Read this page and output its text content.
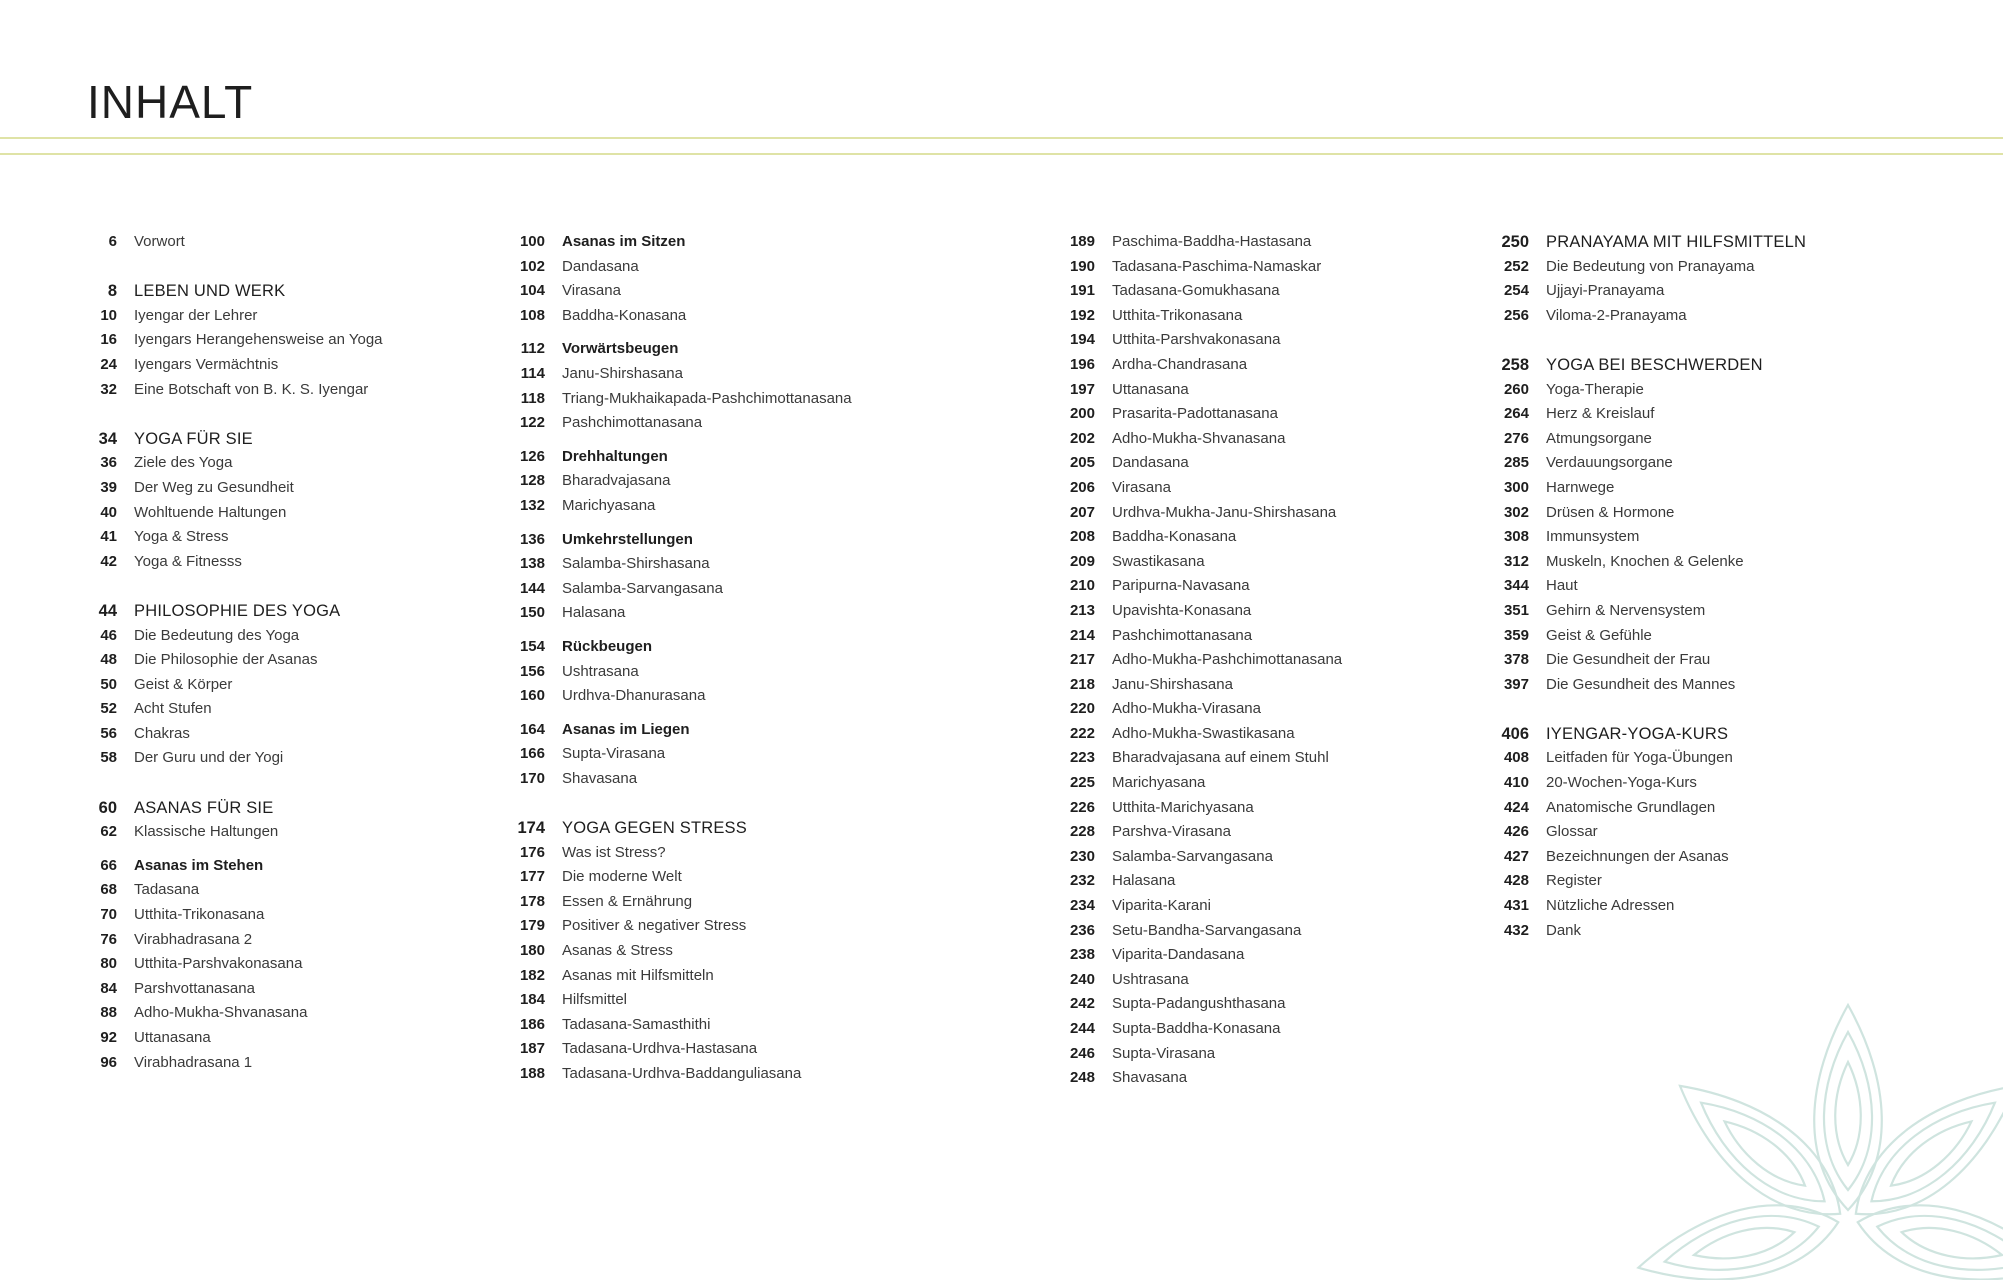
INHALT
6 Vorwort
8 LEBEN UND WERK
10 Iyengar der Lehrer
16 Iyengars Herangehensweise an Yoga
24 Iyengars Vermächtnis
32 Eine Botschaft von B. K. S. Iyengar
34 YOGA FÜR SIE
36 Ziele des Yoga
39 Der Weg zu Gesundheit
40 Wohltuende Haltungen
41 Yoga & Stress
42 Yoga & Fitnesss
44 PHILOSOPHIE DES YOGA
46 Die Bedeutung des Yoga
48 Die Philosophie der Asanas
50 Geist & Körper
52 Acht Stufen
56 Chakras
58 Der Guru und der Yogi
60 ASANAS FÜR SIE
62 Klassische Haltungen
66 Asanas im Stehen
68 Tadasana
70 Utthita-Trikonasana
76 Virabhadrasana 2
80 Utthita-Parshvakonasana
84 Parshvottanasana
88 Adho-Mukha-Shvanasana
92 Uttanasana
96 Virabhadrasana 1
100 Asanas im Sitzen
102 Dandasana
104 Virasana
108 Baddha-Konasana
112 Vorwärtsbeugen
114 Janu-Shirshasana
118 Triang-Mukhaikapada-Pashchimottanasana
122 Pashchimottanasana
126 Drehhaltungen
128 Bharadvajasana
132 Marichyasana
136 Umkehrstellungen
138 Salamba-Shirshasana
144 Salamba-Sarvangasana
150 Halasana
154 Rückbeugen
156 Ushtrasana
160 Urdhva-Dhanurasana
164 Asanas im Liegen
166 Supta-Virasana
170 Shavasana
174 YOGA GEGEN STRESS
176 Was ist Stress?
177 Die moderne Welt
178 Essen & Ernährung
179 Positiver & negativer Stress
180 Asanas & Stress
182 Asanas mit Hilfsmitteln
184 Hilfsmittel
186 Tadasana-Samasthithi
187 Tadasana-Urdhva-Hastasana
188 Tadasana-Urdhva-Baddanguliasana
189 Paschima-Baddha-Hastasana
190 Tadasana-Paschima-Namaskar
191 Tadasana-Gomukhasana
192 Utthita-Trikonasana
194 Utthita-Parshvakonasana
196 Ardha-Chandrasana
197 Uttanasana
200 Prasarita-Padottanasana
202 Adho-Mukha-Shvanasana
205 Dandasana
206 Virasana
207 Urdhva-Mukha-Janu-Shirshasana
208 Baddha-Konasana
209 Swastikasana
210 Paripurna-Navasana
213 Upavishta-Konasana
214 Pashchimottanasana
217 Adho-Mukha-Pashchimottanasana
218 Janu-Shirshasana
220 Adho-Mukha-Virasana
222 Adho-Mukha-Swastikasana
223 Bharadvajasana auf einem Stuhl
225 Marichyasana
226 Utthita-Marichyasana
228 Parshva-Virasana
230 Salamba-Sarvangasana
232 Halasana
234 Viparita-Karani
236 Setu-Bandha-Sarvangasana
238 Viparita-Dandasana
240 Ushtrasana
242 Supta-Padangushthasana
244 Supta-Baddha-Konasana
246 Supta-Virasana
248 Shavasana
250 PRANAYAMA MIT HILFSMITTELN
252 Die Bedeutung von Pranayama
254 Ujjayi-Pranayama
256 Viloma-2-Pranayama
258 YOGA BEI BESCHWERDEN
260 Yoga-Therapie
264 Herz & Kreislauf
276 Atmungsorgane
285 Verdauungsorgane
300 Harnwege
302 Drüsen & Hormone
308 Immunsystem
312 Muskeln, Knochen & Gelenke
344 Haut
351 Gehirn & Nervensystem
359 Geist & Gefühle
378 Die Gesundheit der Frau
397 Die Gesundheit des Mannes
406 IYENGAR-YOGA-KURS
408 Leitfaden für Yoga-Übungen
410 20-Wochen-Yoga-Kurs
424 Anatomische Grundlagen
426 Glossar
427 Bezeichnungen der Asanas
428 Register
431 Nützliche Adressen
432 Dank
